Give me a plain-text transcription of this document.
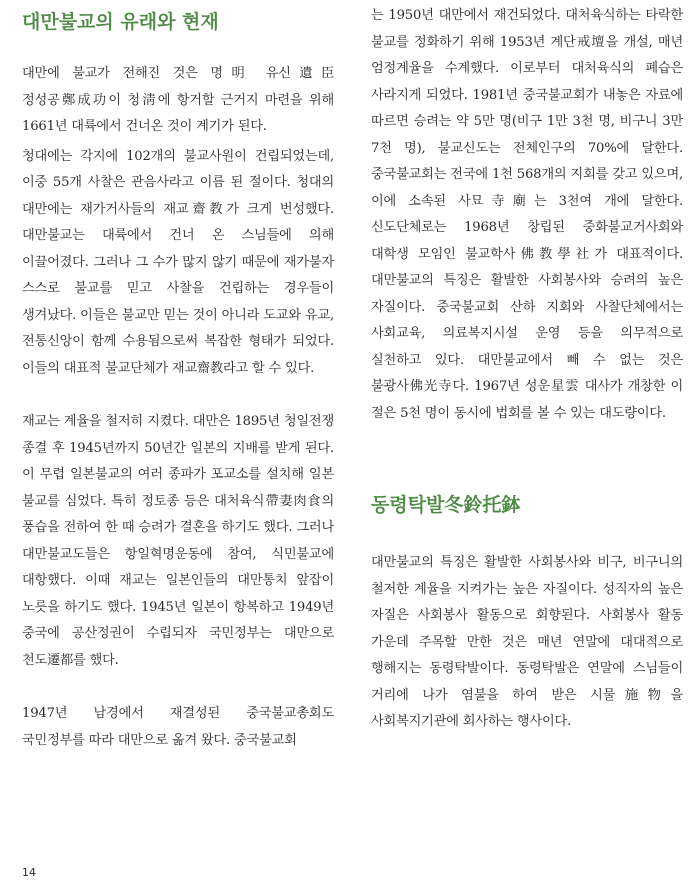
대만불교의 유래와 현재

대만에 불교가 전해진 것은 명明 유신遺臣 정성공鄭成功이 청淸에 항거할 근거지 마련을 위해 1661년 대륙에서 건너온 것이 계기가 된다.

청대에는 각지에 102개의 불교사원이 건립되었는데, 이중 55개 사찰은 관음사라고 이름 된 절이다. 청대의 대만에는 재가거사들의 재교齋教가 크게 번성했다. 대만불교는 대륙에서 건너 온 스님들에 의해 이끌어졌다. 그러나 그 수가 많지 않기 때문에 재가불자 스스로 불교를 믿고 사찰을 건립하는 경우들이 생겨났다. 이들은 불교만 믿는 것이 아니라 도교와 유교, 전통신앙이 함께 수용됨으로써 복잡한 형태가 되었다. 이들의 대표적 불교단체가 재교齋教라고 할 수 있다.

재교는 계율을 철저히 지켰다. 대만은 1895년 청일전쟁 종결 후 1945년까지 50년간 일본의 지배를 받게 된다. 이 무렵 일본불교의 여러 종파가 포교소를 설치해 일본 불교를 심었다. 특히 정토종 등은 대처육식帶妻肉食의 풍습을 전하여 한 때 승려가 결혼을 하기도 했다. 그러나 대만불교도들은 항일혁명운동에 참여, 식민불교에 대항했다. 이때 재교는 일본인들의 대만통치 앞잡이 노릇을 하기도 했다. 1945년 일본이 항복하고 1949년 중국에 공산정권이 수립되자 국민정부는 대만으로 천도遷都를 했다.

1947년 남경에서 재결성된 중국불교총회도 국민정부를 따라 대만으로 옮겨 왔다. 중국불교회

는 1950년 대만에서 재건되었다. 대처육식하는 타락한 불교를 정화하기 위해 1953년 계단戒壇을 개설, 매년 엄정계율을 수계했다. 이로부터 대처육식의 폐습은 사라지게 되었다. 1981년 중국불교회가 내놓은 자료에 따르면 승려는 약 5만 명(비구 1만 3천 명, 비구니 3만 7천 명), 불교신도는 전체인구의 70%에 달한다. 중국불교회는 전국에 1천 568개의 지회를 갖고 있으며, 이에 소속된 사묘寺廟는 3천여 개에 달한다. 신도단체로는 1968년 창립된 중화불교거사회와 대학생 모임인 불교학사佛教學社가 대표적이다. 대만불교의 특징은 활발한 사회봉사와 승려의 높은 자질이다. 중국불교회 산하 지회와 사찰단체에서는 사회교육, 의료복지시설 운영 등을 의무적으로 실천하고 있다. 대만불교에서 빼 수 없는 것은 불광사佛光寺다. 1967년 성운星雲 대사가 개창한 이 절은 5천 명이 동시에 법회를 볼 수 있는 대도량이다.

동령탁발冬鈴托鉢

대만불교의 특징은 활발한 사회봉사와 비구, 비구니의 철저한 계율을 지켜가는 높은 자질이다. 성직자의 높은 자질은 사회봉사 활동으로 회향된다. 사회봉사 활동 가운데 주목할 만한 것은 매년 연말에 대대적으로 행해지는 동령탁발이다. 동령탁발은 연말에 스님들이 거리에 나가 염불을 하여 받은 시물施物을 사회복지기관에 회사하는 행사이다.

14
